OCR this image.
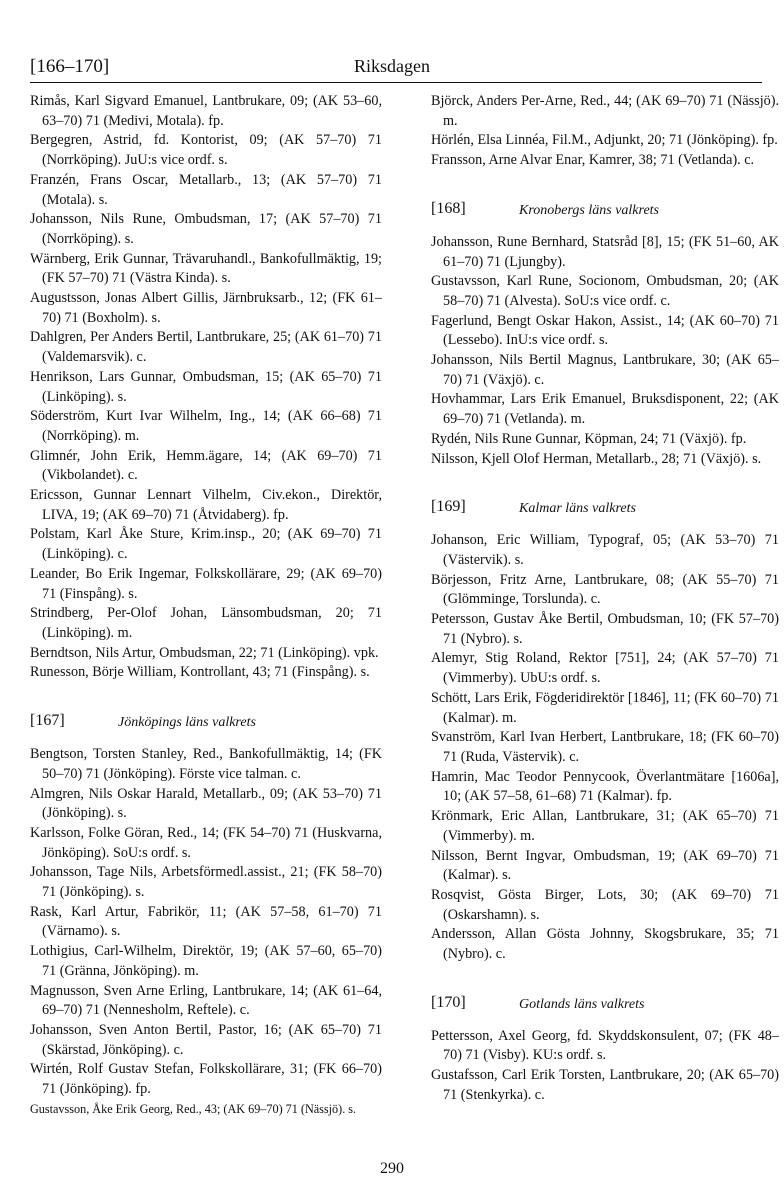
[166–170]	Riksdagen

Rimås, Karl Sigvard Emanuel, Lantbrukare, 09; (AK 53–60, 63–70) 71 (Medivi, Motala). fp.

Bergegren, Astrid, fd. Kontorist, 09; (AK 57–70) 71 (Norrköping). JuU:s vice ordf. s.

Franzén, Frans Oscar, Metallarb., 13; (AK 57–70) 71 (Motala). s.

Johansson, Nils Rune, Ombudsman, 17; (AK 57–70) 71 (Norrköping). s.

Wärnberg, Erik Gunnar, Trävaruhandl., Bankofullmäktig, 19; (FK 57–70) 71 (Västra Kinda). s.

Augustsson, Jonas Albert Gillis, Järnbruksarb., 12; (FK 61–70) 71 (Boxholm). s.

Dahlgren, Per Anders Bertil, Lantbrukare, 25; (AK 61–70) 71 (Valdemarsvik). c.

Henrikson, Lars Gunnar, Ombudsman, 15; (AK 65–70) 71 (Linköping). s.

Söderström, Kurt Ivar Wilhelm, Ing., 14; (AK 66–68) 71 (Norrköping). m.

Glimnér, John Erik, Hemm.ägare, 14; (AK 69–70) 71 (Vikbolandet). c.

Ericsson, Gunnar Lennart Vilhelm, Civ.ekon., Direktör, LIVA, 19; (AK 69–70) 71 (Åtvidaberg). fp.

Polstam, Karl Åke Sture, Krim.insp., 20; (AK 69–70) 71 (Linköping). c.

Leander, Bo Erik Ingemar, Folkskollärare, 29; (AK 69–70) 71 (Finspång). s.

Strindberg, Per-Olof Johan, Länsombudsman, 20; 71 (Linköping). m.

Berndtson, Nils Artur, Ombudsman, 22; 71 (Linköping). vpk.

Runesson, Börje William, Kontrollant, 43; 71 (Finspång). s.

[167]	Jönköpings läns valkrets

Bengtson, Torsten Stanley, Red., Bankofullmäktig, 14; (FK 50–70) 71 (Jönköping). Förste vice talman. c.

Almgren, Nils Oskar Harald, Metallarb., 09; (AK 53–70) 71 (Jönköping). s.

Karlsson, Folke Göran, Red., 14; (FK 54–70) 71 (Huskvarna, Jönköping). SoU:s ordf. s.

Johansson, Tage Nils, Arbetsförmedl.assist., 21; (FK 58–70) 71 (Jönköping). s.

Rask, Karl Artur, Fabrikör, 11; (AK 57–58, 61–70) 71 (Värnamo). s.

Lothigius, Carl-Wilhelm, Direktör, 19; (AK 57–60, 65–70) 71 (Gränna, Jönköping). m.

Magnusson, Sven Arne Erling, Lantbrukare, 14; (AK 61–64, 69–70) 71 (Nennesholm, Reftele). c.

Johansson, Sven Anton Bertil, Pastor, 16; (AK 65–70) 71 (Skärstad, Jönköping). c.

Wirtén, Rolf Gustav Stefan, Folkskollärare, 31; (FK 66–70) 71 (Jönköping). fp.

Gustavsson, Åke Erik Georg, Red., 43; (AK 69–70) 71 (Nässjö). s.

Björck, Anders Per-Arne, Red., 44; (AK 69–70) 71 (Nässjö). m.

Hörlén, Elsa Linnéa, Fil.M., Adjunkt, 20; 71 (Jönköping). fp.

Fransson, Arne Alvar Enar, Kamrer, 38; 71 (Vetlanda). c.

[168]	Kronobergs läns valkrets

Johansson, Rune Bernhard, Statsråd [8], 15; (FK 51–60, AK 61–70) 71 (Ljungby).

Gustavsson, Karl Rune, Socionom, Ombudsman, 20; (AK 58–70) 71 (Alvesta). SoU:s vice ordf. c.

Fagerlund, Bengt Oskar Hakon, Assist., 14; (AK 60–70) 71 (Lessebo). InU:s vice ordf. s.

Johansson, Nils Bertil Magnus, Lantbrukare, 30; (AK 65–70) 71 (Växjö). c.

Hovhammar, Lars Erik Emanuel, Bruksdisponent, 22; (AK 69–70) 71 (Vetlanda). m.

Rydén, Nils Rune Gunnar, Köpman, 24; 71 (Växjö). fp.

Nilsson, Kjell Olof Herman, Metallarb., 28; 71 (Växjö). s.

[169]	Kalmar läns valkrets

Johanson, Eric William, Typograf, 05; (AK 53–70) 71 (Västervik). s.

Börjesson, Fritz Arne, Lantbrukare, 08; (AK 55–70) 71 (Glömminge, Torslunda). c.

Petersson, Gustav Åke Bertil, Ombudsman, 10; (FK 57–70) 71 (Nybro). s.

Alemyr, Stig Roland, Rektor [751], 24; (AK 57–70) 71 (Vimmerby). UbU:s ordf. s.

Schött, Lars Erik, Fögderidirektör [1846], 11; (FK 60–70) 71 (Kalmar). m.

Svanström, Karl Ivan Herbert, Lantbrukare, 18; (FK 60–70) 71 (Ruda, Västervik). c.

Hamrin, Mac Teodor Pennycook, Överlantmätare [1606a], 10; (AK 57–58, 61–68) 71 (Kalmar). fp.

Krönmark, Eric Allan, Lantbrukare, 31; (AK 65–70) 71 (Vimmerby). m.

Nilsson, Bernt Ingvar, Ombudsman, 19; (AK 69–70) 71 (Kalmar). s.

Rosqvist, Gösta Birger, Lots, 30; (AK 69–70) 71 (Oskarshamn). s.

Andersson, Allan Gösta Johnny, Skogsbrukare, 35; 71 (Nybro). c.

[170]	Gotlands läns valkrets

Pettersson, Axel Georg, fd. Skyddskonsulent, 07; (FK 48–70) 71 (Visby). KU:s ordf. s.

Gustafsson, Carl Erik Torsten, Lantbrukare, 20; (AK 65–70) 71 (Stenkyrka). c.

290
